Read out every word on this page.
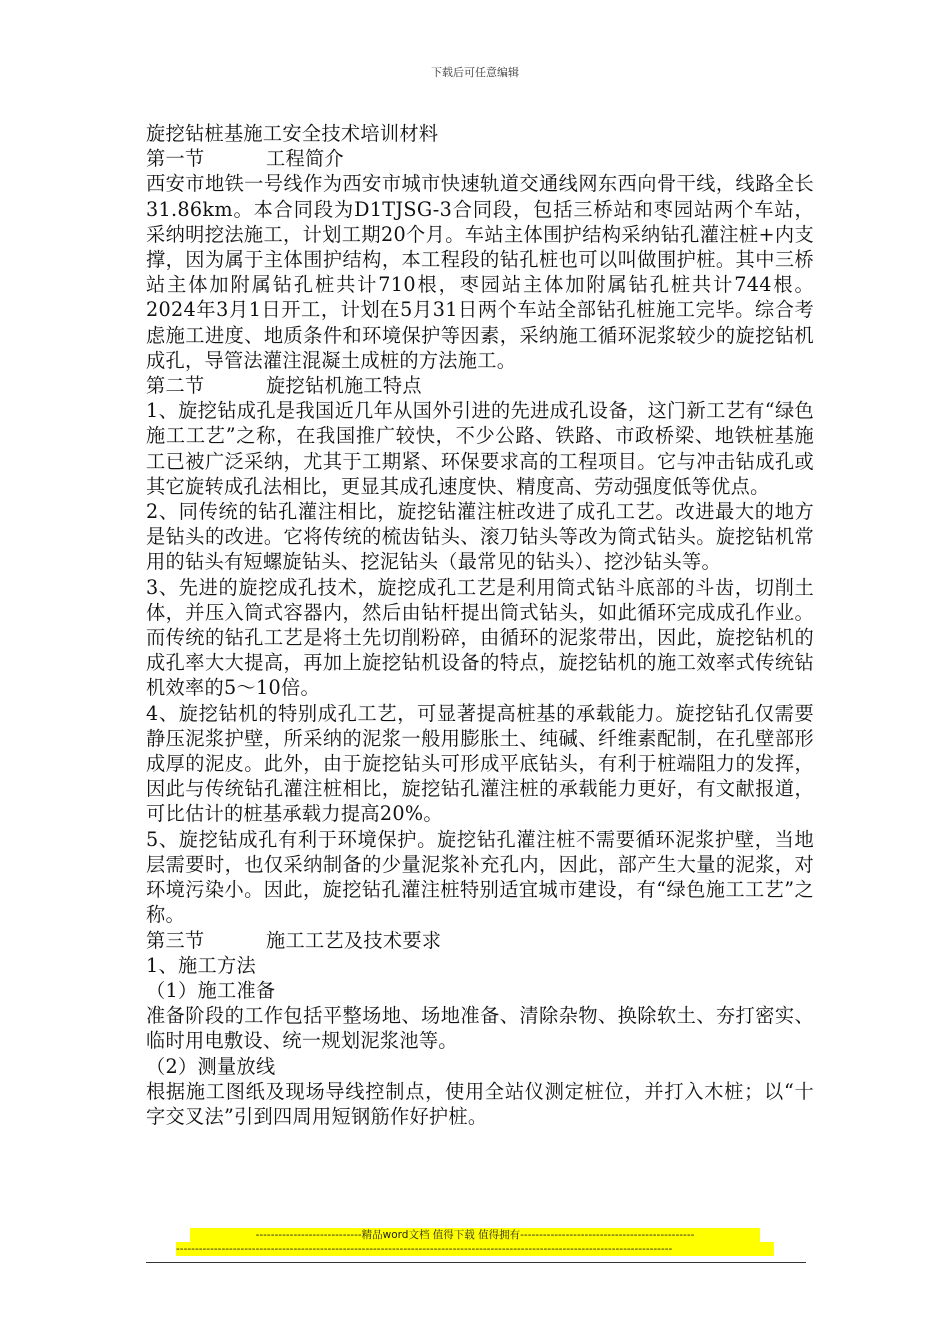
下载后可任意编辑

旋挖钻桩基施工安全技术培训材料

第一节	工程简介

西安市地铁一号线作为西安市城市快速轨道交通线网东西向骨干线，线路全长31.86km。本合同段为D1TJSG-3合同段，包括三桥站和枣园站两个车站，采纳明挖法施工，计划工期20个月。车站主体围护结构采纳钻孔灌注桩+内支撑，因为属于主体围护结构，本工程段的钻孔桩也可以叫做围护桩。其中三桥站主体加附属钻孔桩共计710根，枣园站主体加附属钻孔桩共计744根。2024年3月1日开工，计划在5月31日两个车站全部钻孔桩施工完毕。综合考虑施工进度、地质条件和环境保护等因素，采纳施工循环泥浆较少的旋挖钻机成孔，导管法灌注混凝土成桩的方法施工。

第二节	旋挖钻机施工特点

1、旋挖钻成孔是我国近几年从国外引进的先进成孔设备，这门新工艺有“绿色施工工艺”之称，在我国推广较快，不少公路、铁路、市政桥梁、地铁桩基施工已被广泛采纳，尤其于工期紧、环保要求高的工程项目。它与冲击钻成孔或其它旋转成孔法相比，更显其成孔速度快、精度高、劳动强度低等优点。

2、同传统的钻孔灌注相比，旋挖钻灌注桩改进了成孔工艺。改进最大的地方是钻头的改进。它将传统的梳齿钻头、滚刀钻头等改为筒式钻头。旋挖钻机常用的钻头有短螺旋钻头、挖泥钻头（最常见的钻头）、挖沙钻头等。

3、先进的旋挖成孔技术，旋挖成孔工艺是利用筒式钻斗底部的斗齿，切削土体，并压入筒式容器内，然后由钻杆提出筒式钻头，如此循环完成成孔作业。而传统的钻孔工艺是将土先切削粉碎，由循环的泥浆带出，因此，旋挖钻机的成孔率大大提高，再加上旋挖钻机设备的特点，旋挖钻机的施工效率式传统钻机效率的5～10倍。

4、旋挖钻机的特别成孔工艺，可显著提高桩基的承载能力。旋挖钻孔仅需要静压泥浆护壁，所采纳的泥浆一般用膨胀土、纯碱、纤维素配制，在孔壁部形成厚的泥皮。此外，由于旋挖钻头可形成平底钻头，有利于桩端阻力的发挥，因此与传统钻孔灌注桩相比，旋挖钻孔灌注桩的承载能力更好，有文献报道，可比估计的桩基承载力提高20%。

5、旋挖钻成孔有利于环境保护。旋挖钻孔灌注桩不需要循环泥浆护壁，当地层需要时，也仅采纳制备的少量泥浆补充孔内，因此，部产生大量的泥浆，对环境污染小。因此，旋挖钻孔灌注桩特别适宜城市建设，有“绿色施工工艺”之称。

第三节	施工工艺及技术要求

1、施工方法

（1）施工准备

准备阶段的工作包括平整场地、场地准备、清除杂物、换除软土、夯打密实、临时用电敷设、统一规划泥浆池等。

（2）测量放线

根据施工图纸及现场导线控制点，使用全站仪测定桩位，并打入木桩；以“十字交叉法”引到四周用短钢筋作好护桩。

----------------------------精品word文档 值得下载 值得拥有----------------------------------------------
-----------------------------------------------------------------------------------------------------------------------------------
